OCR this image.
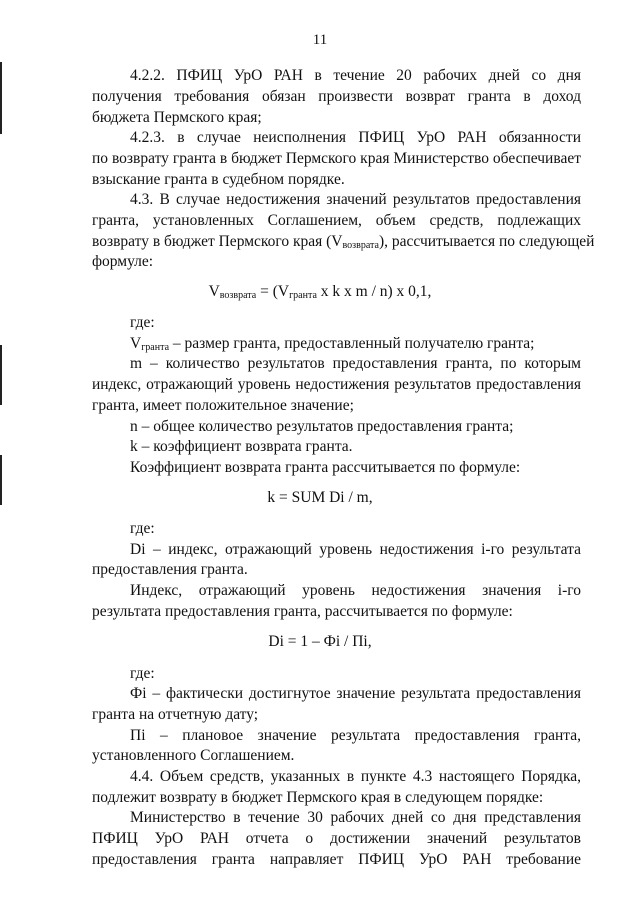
11
4.2.2. ПФИЦ УрО РАН в течение 20 рабочих дней со дня
получения требования обязан произвести возврат гранта в доход
бюджета Пермского края;
4.2.3. в случае неисполнения ПФИЦ УрО РАН обязанности
по возврату гранта в бюджет Пермского края Министерство обеспечивает
взыскание гранта в судебном порядке.
4.3. В случае недостижения значений результатов предоставления
гранта, установленных Соглашением, объем средств, подлежащих
возврату в бюджет Пермского края $(V_{возврата})$, рассчитывается по следующей
формуле:
$V_{возврата} = (V_{гранта}$ х k х m / n) х 0,1,
где:
$V_{гранта}$ – размер гранта, предоставленный получателю гранта;
m – количество результатов предоставления гранта, по которым
индекс, отражающий уровень недостижения результатов предоставления
гранта, имеет положительное значение;
n – общее количество результатов предоставления гранта;
k – коэффициент возврата гранта.
Коэффициент возврата гранта рассчитывается по формуле:
k = SUM Di / m,
где:
Di – индекс, отражающий уровень недостижения i-го результата
предоставления гранта.
Индекс, отражающий уровень недостижения значения i-го
результата предоставления гранта, рассчитывается по формуле:
Di = 1 – Фi / Пi,
где:
Фi – фактически достигнутое значение результата предоставления
гранта на отчетную дату;
Пi – плановое значение результата предоставления гранта,
установленного Соглашением.
4.4. Объем средств, указанных в пункте 4.3 настоящего Порядка,
подлежит возврату в бюджет Пермского края в следующем порядке:
Министерство в течение 30 рабочих дней со дня представления
ПФИЦ УрО РАН отчета о достижении значений результатов
предоставления гранта направляет ПФИЦ УрО РАН требование
